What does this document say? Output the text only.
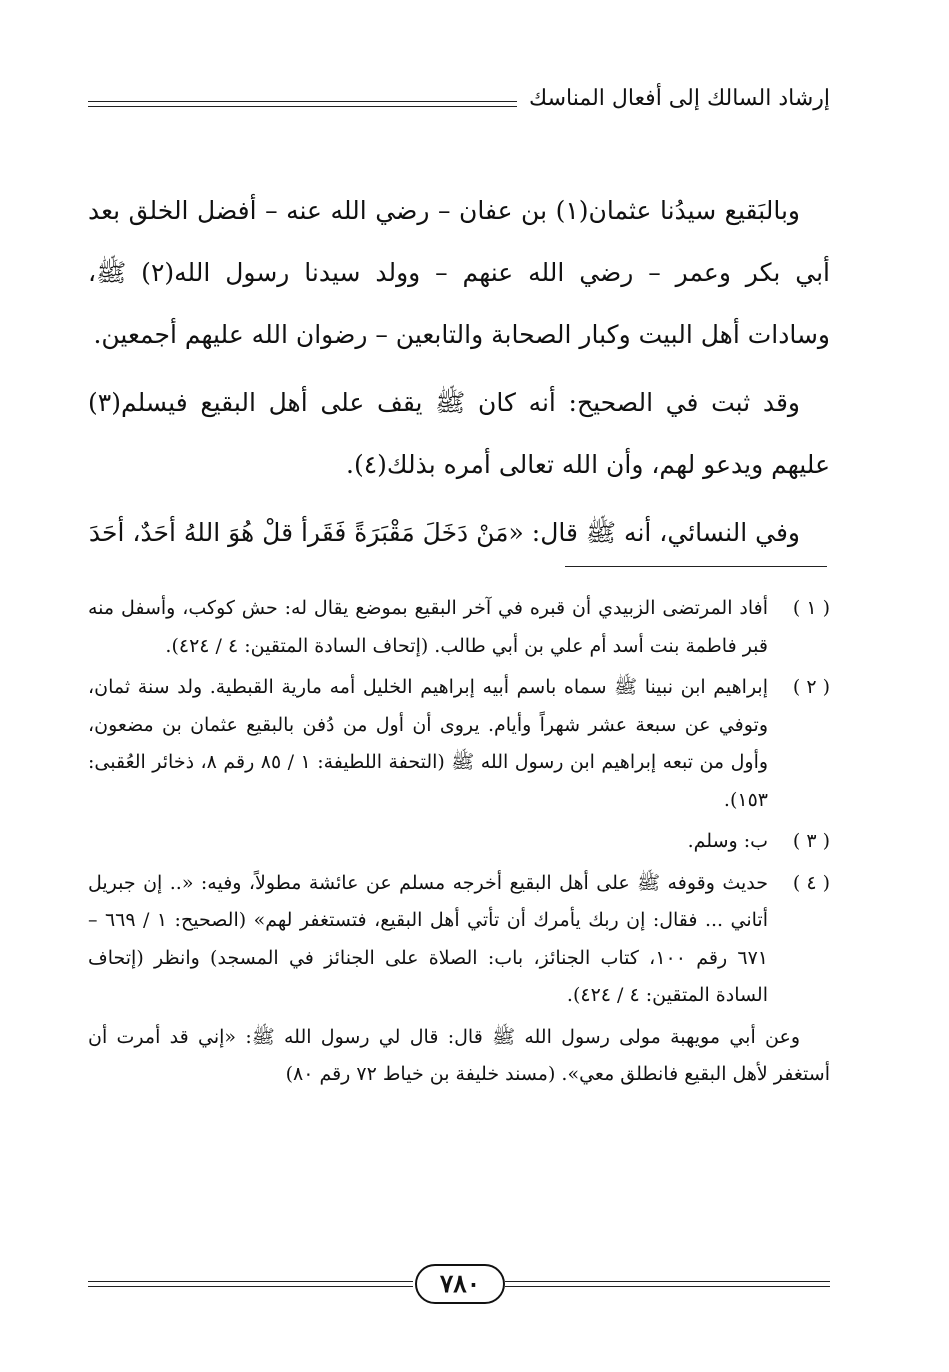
إرشاد السالك إلى أفعال المناسك

وبالبَقيع سيدُنا عثمان(١) بن عفان – رضي الله عنه – أفضل الخلق بعد أبي بكر وعمر – رضي الله عنهم – وولد سيدنا رسول الله(٢) ﷺ، وسادات أهل البيت وكبار الصحابة والتابعين – رضوان الله عليهم أجمعين.

وقد ثبت في الصحيح: أنه كان ﷺ يقف على أهل البقيع فيسلم(٣) عليهم ويدعو لهم، وأن الله تعالى أمره بذلك(٤).

وفي النسائي، أنه ﷺ قال: «مَنْ دَخَلَ مَقْبَرَةً فَقَرأ قلْ هُوَ اللهُ أحَدٌ، أحَدَ

( ١ )
أفاد المرتضى الزبيدي أن قبره في آخر البقيع بموضع يقال له: حش كوكب، وأسفل منه قبر فاطمة بنت أسد أم علي بن أبي طالب. (إتحاف السادة المتقين: ٤ / ٤٢٤).
( ٢ )
إبراهيم ابن نبينا ﷺ سماه باسم أبيه إبراهيم الخليل أمه مارية القبطية. ولد سنة ثمان، وتوفي عن سبعة عشر شهراً وأيام. يروى أن أول من دُفن بالبقيع عثمان بن مضعون، وأول من تبعه إبراهيم ابن رسول الله ﷺ (التحفة اللطيفة: ١ / ٨٥ رقم ٨، ذخائر العُقبى: ١٥٣).
( ٣ )
ب: وسلم.
( ٤ )
حديث وقوفه ﷺ على أهل البقيع أخرجه مسلم عن عائشة مطولاً، وفيه: «.. إن جبريل أتاني ... فقال: إن ربك يأمرك أن تأتي أهل البقيع، فتستغفر لهم» (الصحيح: ١ / ٦٦٩ – ٦٧١ رقم ١٠٠، كتاب الجنائز، باب: الصلاة على الجنائز في المسجد) وانظر (إتحاف السادة المتقين: ٤ / ٤٢٤).
وعن أبي مويهبة مولى رسول الله ﷺ قال: قال لي رسول الله ﷺ: «إني قد أمرت أن أستغفر لأهل البقيع فانطلق معي». (مسند خليفة بن خياط ٧٢ رقم ٨٠)
٧٨٠
